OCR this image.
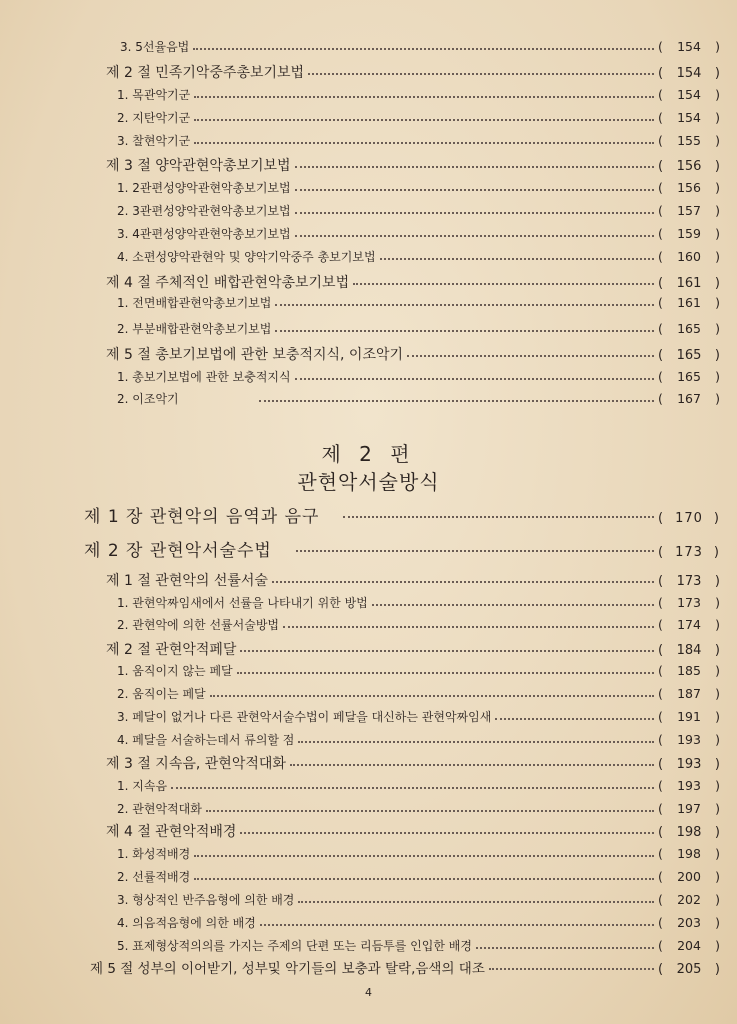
3. 5선율음법	( 154 )
제 2 절 민족기악중주총보기보법	( 154 )
1. 목관악기군	( 154 )
2. 지탄악기군	( 154 )
3. 찰현악기군	( 155 )
제 3 절 양악관현악총보기보법	( 156 )
1. 2관편성양악관현악총보기보법	( 156 )
2. 3관편성양악관현악총보기보법	( 157 )
3. 4관편성양악관현악총보기보법	( 159 )
4. 소편성양악관현악 및 양악기악중주 총보기보법	( 160 )
제 4 절 주체적인 배합관현악총보기보법	( 161 )
1. 전면배합관현악총보기보법	( 161 )
2. 부분배합관현악총보기보법	( 165 )
제 5 절 총보기보법에 관한 보충적지식, 이조악기	( 165 )
1. 총보기보법에 관한 보충적지식	( 165 )
2. 이조악기	( 167 )
제 2 편
관현악서술방식
제 1 장 관현악의 음역과 음구	( 170 )
제 2 장 관현악서술수법	( 173 )
제 1 절 관현악의 선률서술	( 173 )
1. 관현악짜임새에서 선률을 나타내기 위한 방법	( 173 )
2. 관현악에 의한 선률서술방법	( 174 )
제 2 절 관현악적페달	( 184 )
1. 움직이지 않는 페달	( 185 )
2. 움직이는 페달	( 187 )
3. 페달이 없거나 다른 관현악서술수법이 페달을 대신하는 관현악짜임새	( 191 )
4. 페달을 서술하는데서 류의할 점	( 193 )
제 3 절 지속음, 관현악적대화	( 193 )
1. 지속음	( 193 )
2. 관현악적대화	( 197 )
제 4 절 관현악적배경	( 198 )
1. 화성적배경	( 198 )
2. 선률적배경	( 200 )
3. 형상적인 반주음형에 의한 배경	( 202 )
4. 의음적음형에 의한 배경	( 203 )
5. 표제형상적의의를 가지는 주제의 단편 또는 리듬투를 인입한 배경	( 204 )
제 5 절 성부의 이어받기, 성부및 악기들의 보충과 탈락,음색의 대조	( 205 )
4
